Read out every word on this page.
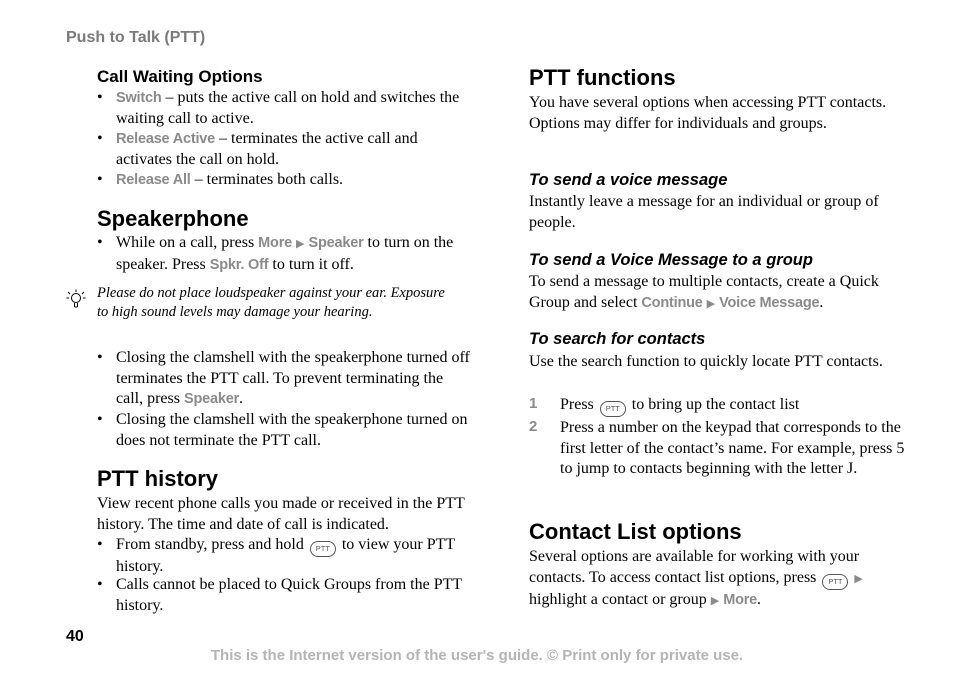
Push to Talk (PTT)
Call Waiting Options
• Switch – puts the active call on hold and switches the waiting call to active.
• Release Active – terminates the active call and activates the call on hold.
• Release All – terminates both calls.
Speakerphone
• While on a call, press More ▶ Speaker to turn on the speaker. Press Spkr. Off to turn it off.
Please do not place loudspeaker against your ear. Exposure to high sound levels may damage your hearing.
• Closing the clamshell with the speakerphone turned off terminates the PTT call. To prevent terminating the call, press Speaker.
• Closing the clamshell with the speakerphone turned on does not terminate the PTT call.
PTT history
View recent phone calls you made or received in the PTT history. The time and date of call is indicated.
• From standby, press and hold PTT to view your PTT history.
• Calls cannot be placed to Quick Groups from the PTT history.
PTT functions
You have several options when accessing PTT contacts. Options may differ for individuals and groups.
To send a voice message
Instantly leave a message for an individual or group of people.
To send a Voice Message to a group
To send a message to multiple contacts, create a Quick Group and select Continue ▶ Voice Message.
To search for contacts
Use the search function to quickly locate PTT contacts.
1 Press PTT to bring up the contact list
2 Press a number on the keypad that corresponds to the first letter of the contact’s name. For example, press 5 to jump to contacts beginning with the letter J.
Contact List options
Several options are available for working with your contacts. To access contact list options, press PTT ▶ highlight a contact or group ▶ More.
40
This is the Internet version of the user's guide. © Print only for private use.
